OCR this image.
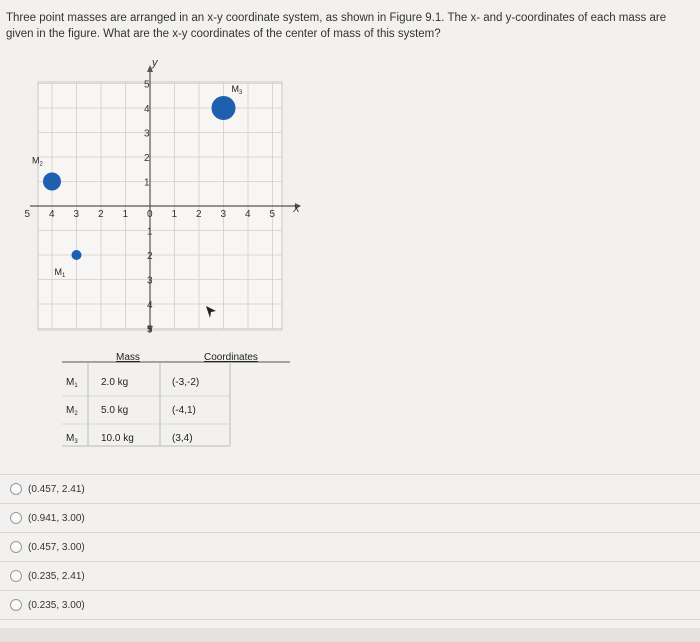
Three point masses are arranged in an x-y coordinate system, as shown in Figure 9.1. The x- and y-coordinates of each mass are given in the figure. What are the x-y coordinates of the center of mass of this system?
y
X
5 4 3 2 1 0 1 2 3 4 5
5
4
3
2
1
1
2
3
4
5
$M_1$
$M_2$
$M_3$
Mass	Coordinates
$M_1$ 2.0 kg	(-3,-2)
$M_2$ 5.0 kg	(-4,1)
$M_3$ 10.0 kg	(3,4)
(0.457, 2.41)
(0.941, 3.00)
(0.457, 3.00)
(0.235, 2.41)
(0.235, 3.00)
